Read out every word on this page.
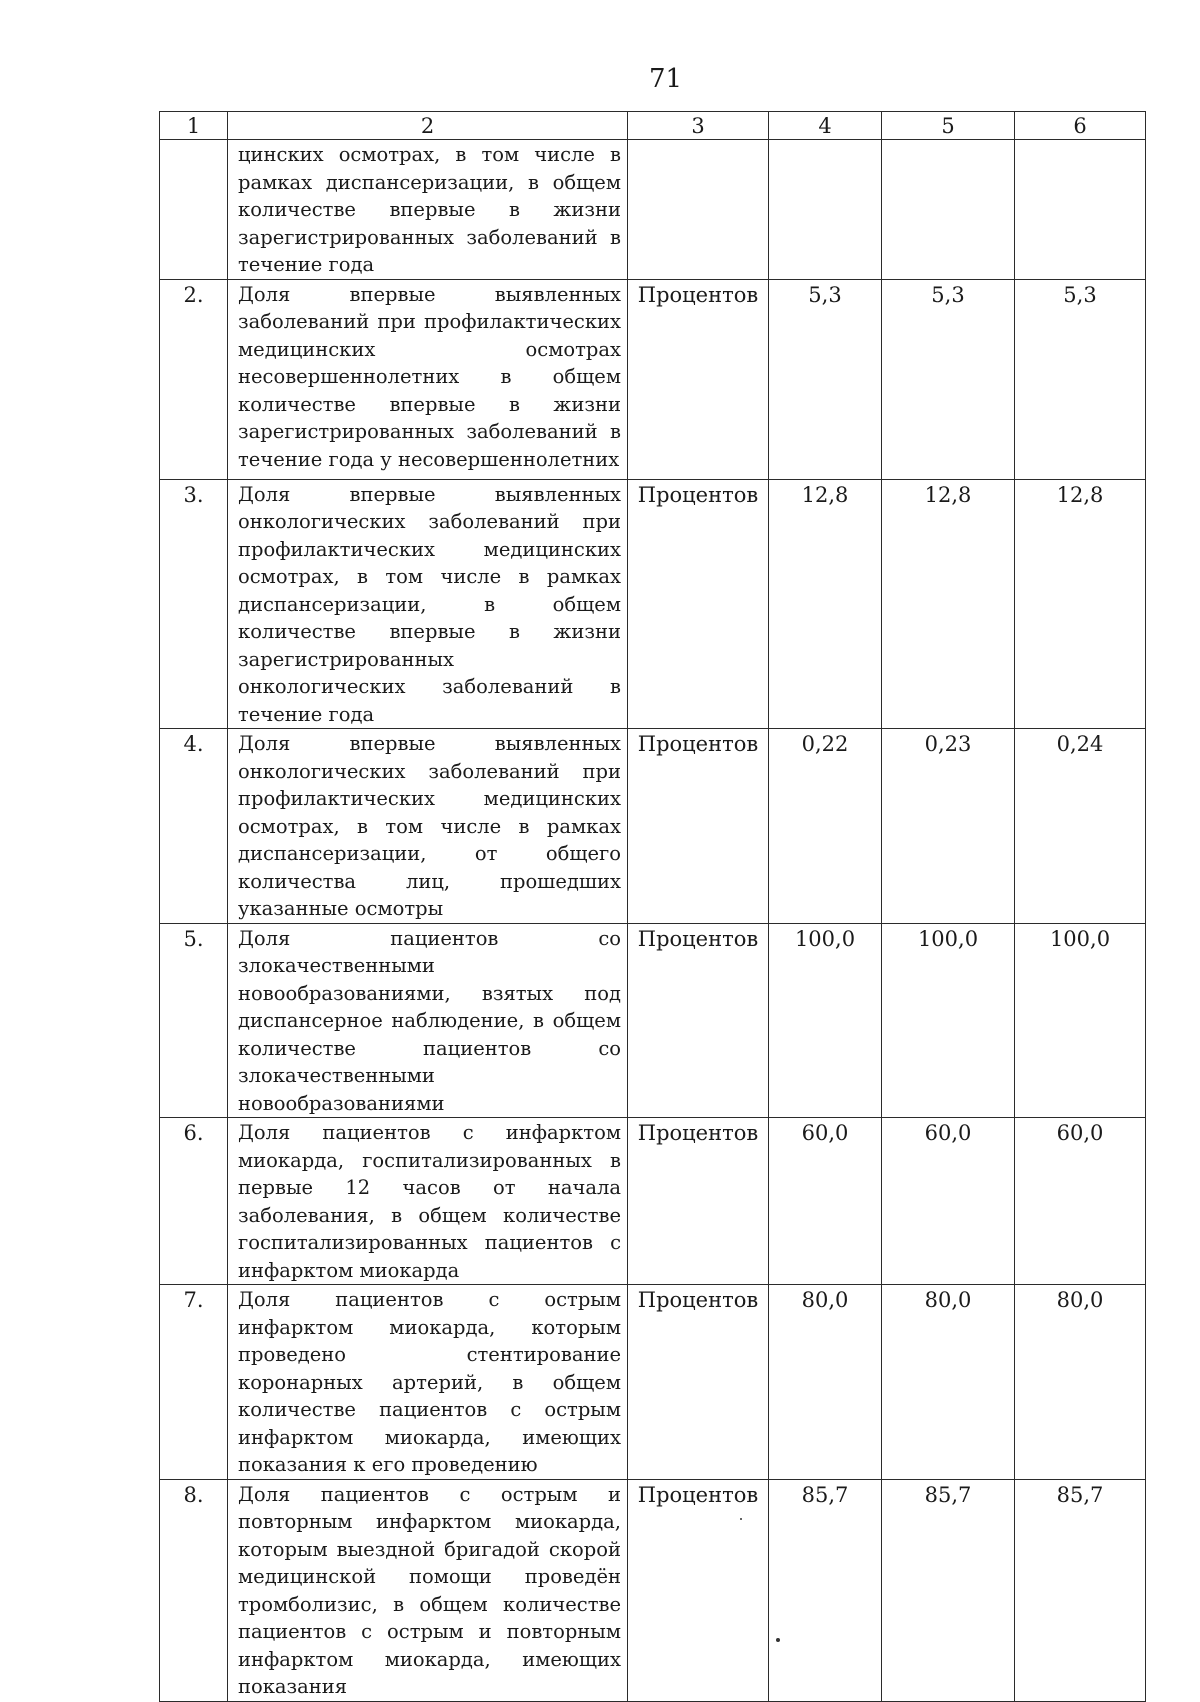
71
1	2	3	4	5	6
	цинских осмотрах, в том числе в рамках диспансеризации, в общем количестве впервые в жизни зарегистрированных заболеваний в течение года				
2.	Доля впервые выявленных заболеваний при профилактических медицинских осмотрах несовершеннолетних в общем количестве впервые в жизни зарегистрированных заболеваний в течение года у несовершеннолетних	Процентов	5,3	5,3	5,3
3.	Доля впервые выявленных онкологических заболеваний при профилактических медицинских осмотрах, в том числе в рамках диспансеризации, в общем количестве впервые в жизни зарегистрированных онкологических заболеваний в течение года	Процентов	12,8	12,8	12,8
4.	Доля впервые выявленных онкологических заболеваний при профилактических медицинских осмотрах, в том числе в рамках диспансеризации, от общего количества лиц, прошедших указанные осмотры	Процентов	0,22	0,23	0,24
5.	Доля пациентов со злокачественными новообразованиями, взятых под диспансерное наблюдение, в общем количестве пациентов со злокачественными новообразованиями	Процентов	100,0	100,0	100,0
6.	Доля пациентов с инфарктом миокарда, госпитализированных в первые 12 часов от начала заболевания, в общем количестве госпитализированных пациентов с инфарктом миокарда	Процентов	60,0	60,0	60,0
7.	Доля пациентов с острым инфарктом миокарда, которым проведено стентирование коронарных артерий, в общем количестве пациентов с острым инфарктом миокарда, имеющих показания к его проведению	Процентов	80,0	80,0	80,0
8.	Доля пациентов с острым и повторным инфарктом миокарда, которым выездной бригадой скорой медицинской помощи проведён тромболизис, в общем количестве пациентов с острым и повторным инфарктом миокарда, имеющих показания	Процентов	85,7	85,7	85,7
